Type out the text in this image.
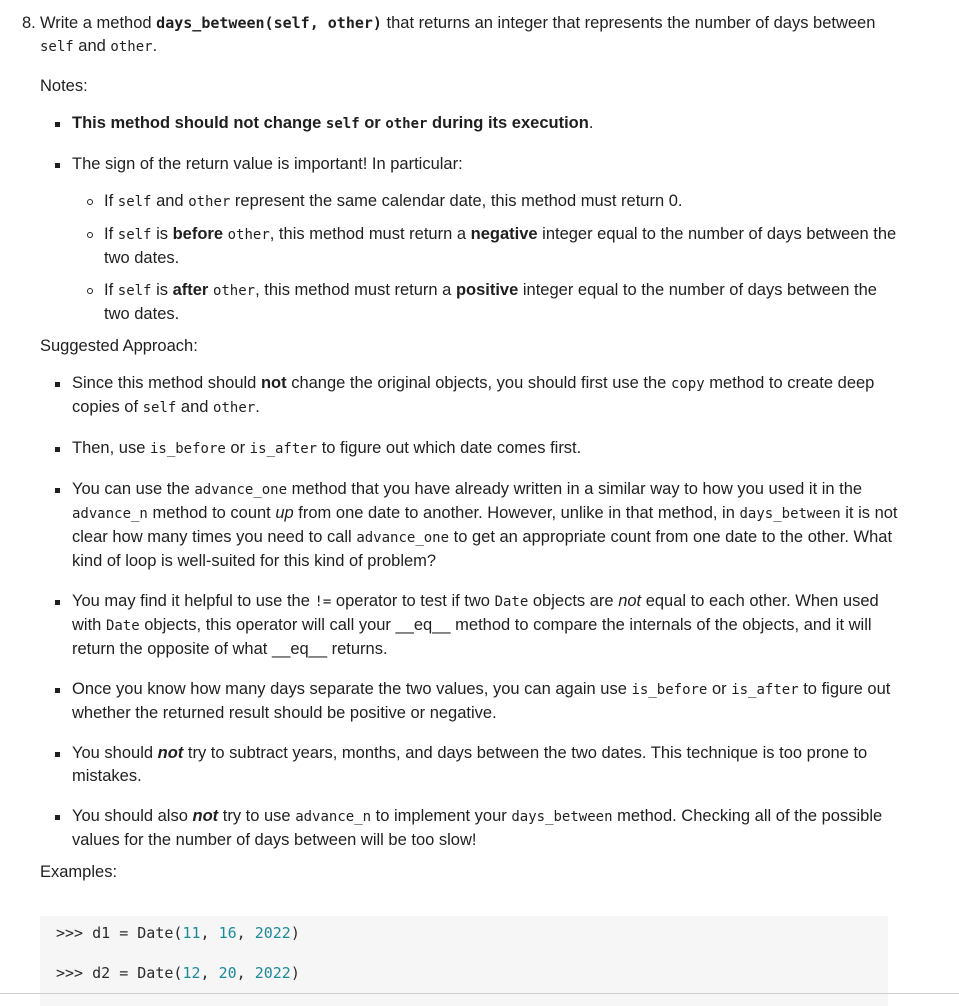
8. Write a method days_between(self, other) that returns an integer that represents the number of days between self and other.

Notes:

This method should not change self or other during its execution.
The sign of the return value is important! In particular:
If self and other represent the same calendar date, this method must return 0.
If self is before other, this method must return a negative integer equal to the number of days between the two dates.
If self is after other, this method must return a positive integer equal to the number of days between the two dates.

Suggested Approach:

Since this method should not change the original objects, you should first use the copy method to create deep copies of self and other.
Then, use is_before or is_after to figure out which date comes first.
You can use the advance_one method that you have already written in a similar way to how you used it in the advance_n method to count up from one date to another. However, unlike in that method, in days_between it is not clear how many times you need to call advance_one to get an appropriate count from one date to the other. What kind of loop is well-suited for this kind of problem?
You may find it helpful to use the != operator to test if two Date objects are not equal to each other. When used with Date objects, this operator will call your __eq__ method to compare the internals of the objects, and it will return the opposite of what __eq__ returns.
Once you know how many days separate the two values, you can again use is_before or is_after to figure out whether the returned result should be positive or negative.
You should not try to subtract years, months, and days between the two dates. This technique is too prone to mistakes.
You should also not try to use advance_n to implement your days_between method. Checking all of the possible values for the number of days between will be too slow!

Examples:

>>> d1 = Date(11, 16, 2022)
>>> d2 = Date(12, 20, 2022)
